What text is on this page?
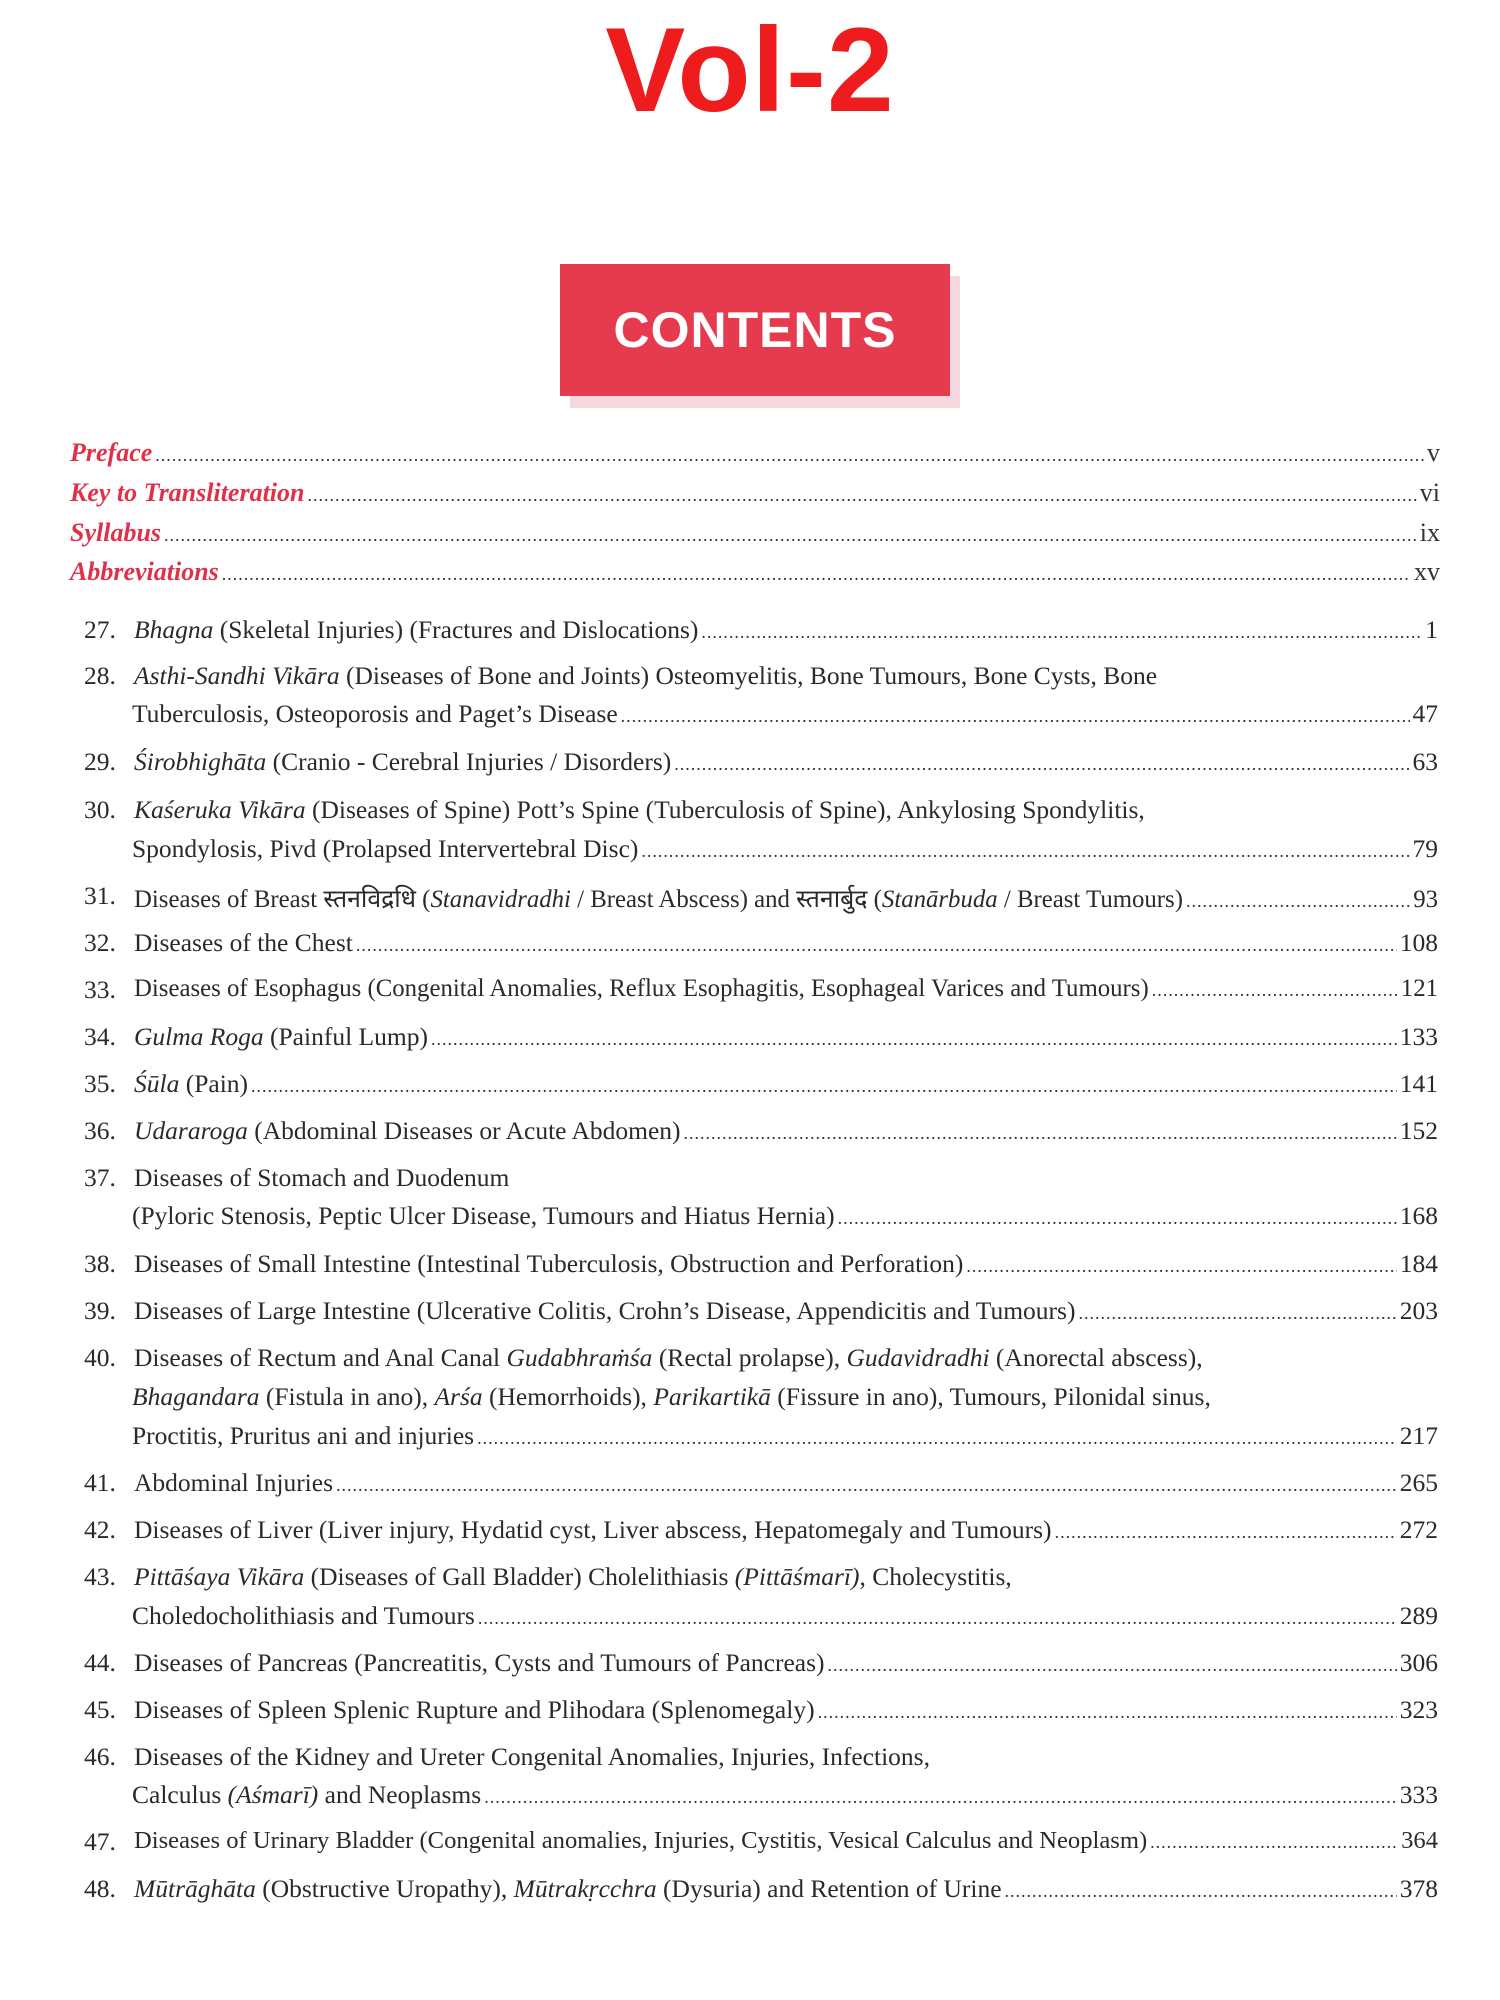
Vol-2
CONTENTS
Preface .....	v
Key to Transliteration .....	vi
Syllabus .....	ix
Abbreviations .....	xv
27. Bhagna (Skeletal Injuries) (Fractures and Dislocations) .....	1
28. Asthi-Sandhi Vikāra (Diseases of Bone and Joints) Osteomyelitis, Bone Tumours, Bone Cysts, Bone
Tuberculosis, Osteoporosis and Paget’s Disease .....	47
29. Śirobhighāta (Cranio - Cerebral Injuries / Disorders) .....	63
30. Kaśeruka Vikāra (Diseases of Spine) Pott’s Spine (Tuberculosis of Spine), Ankylosing Spondylitis,
Spondylosis, Pivd (Prolapsed Intervertebral Disc) .....	79
31. Diseases of Breast स्तनविद्रधि (Stanavidradhi / Breast Abscess) and स्तनार्बुद (Stanārbuda / Breast Tumours) .....	93
32. Diseases of the Chest .....	108
33. Diseases of Esophagus (Congenital Anomalies, Reflux Esophagitis, Esophageal Varices and Tumours) .....	121
34. Gulma Roga (Painful Lump) .....	133
35. Śūla (Pain) .....	141
36. Udararoga (Abdominal Diseases or Acute Abdomen) .....	152
37. Diseases of Stomach and Duodenum
(Pyloric Stenosis, Peptic Ulcer Disease, Tumours and Hiatus Hernia) .....	168
38. Diseases of Small Intestine (Intestinal Tuberculosis, Obstruction and Perforation) .....	184
39. Diseases of Large Intestine (Ulcerative Colitis, Crohn’s Disease, Appendicitis and Tumours) .....	203
40. Diseases of Rectum and Anal Canal Gudabhraṁśa (Rectal prolapse), Gudavidradhi (Anorectal abscess),
Bhagandara (Fistula in ano), Arśa (Hemorrhoids), Parikartikā (Fissure in ano), Tumours, Pilonidal sinus,
Proctitis, Pruritus ani and injuries .....	217
41. Abdominal Injuries .....	265
42. Diseases of Liver (Liver injury, Hydatid cyst, Liver abscess, Hepatomegaly and Tumours) .....	272
43. Pittāśaya Vikāra (Diseases of Gall Bladder) Cholelithiasis (Pittāśmarī), Cholecystitis,
Choledocholithiasis and Tumours .....	289
44. Diseases of Pancreas (Pancreatitis, Cysts and Tumours of Pancreas) .....	306
45. Diseases of Spleen Splenic Rupture and Plihodara (Splenomegaly) .....	323
46. Diseases of the Kidney and Ureter Congenital Anomalies, Injuries, Infections,
Calculus (Aśmarī) and Neoplasms .....	333
47. Diseases of Urinary Bladder (Congenital anomalies, Injuries, Cystitis, Vesical Calculus and Neoplasm) .....	364
48. Mūtrāghāta (Obstructive Uropathy), Mūtrakṛcchra (Dysuria) and Retention of Urine .....	378
